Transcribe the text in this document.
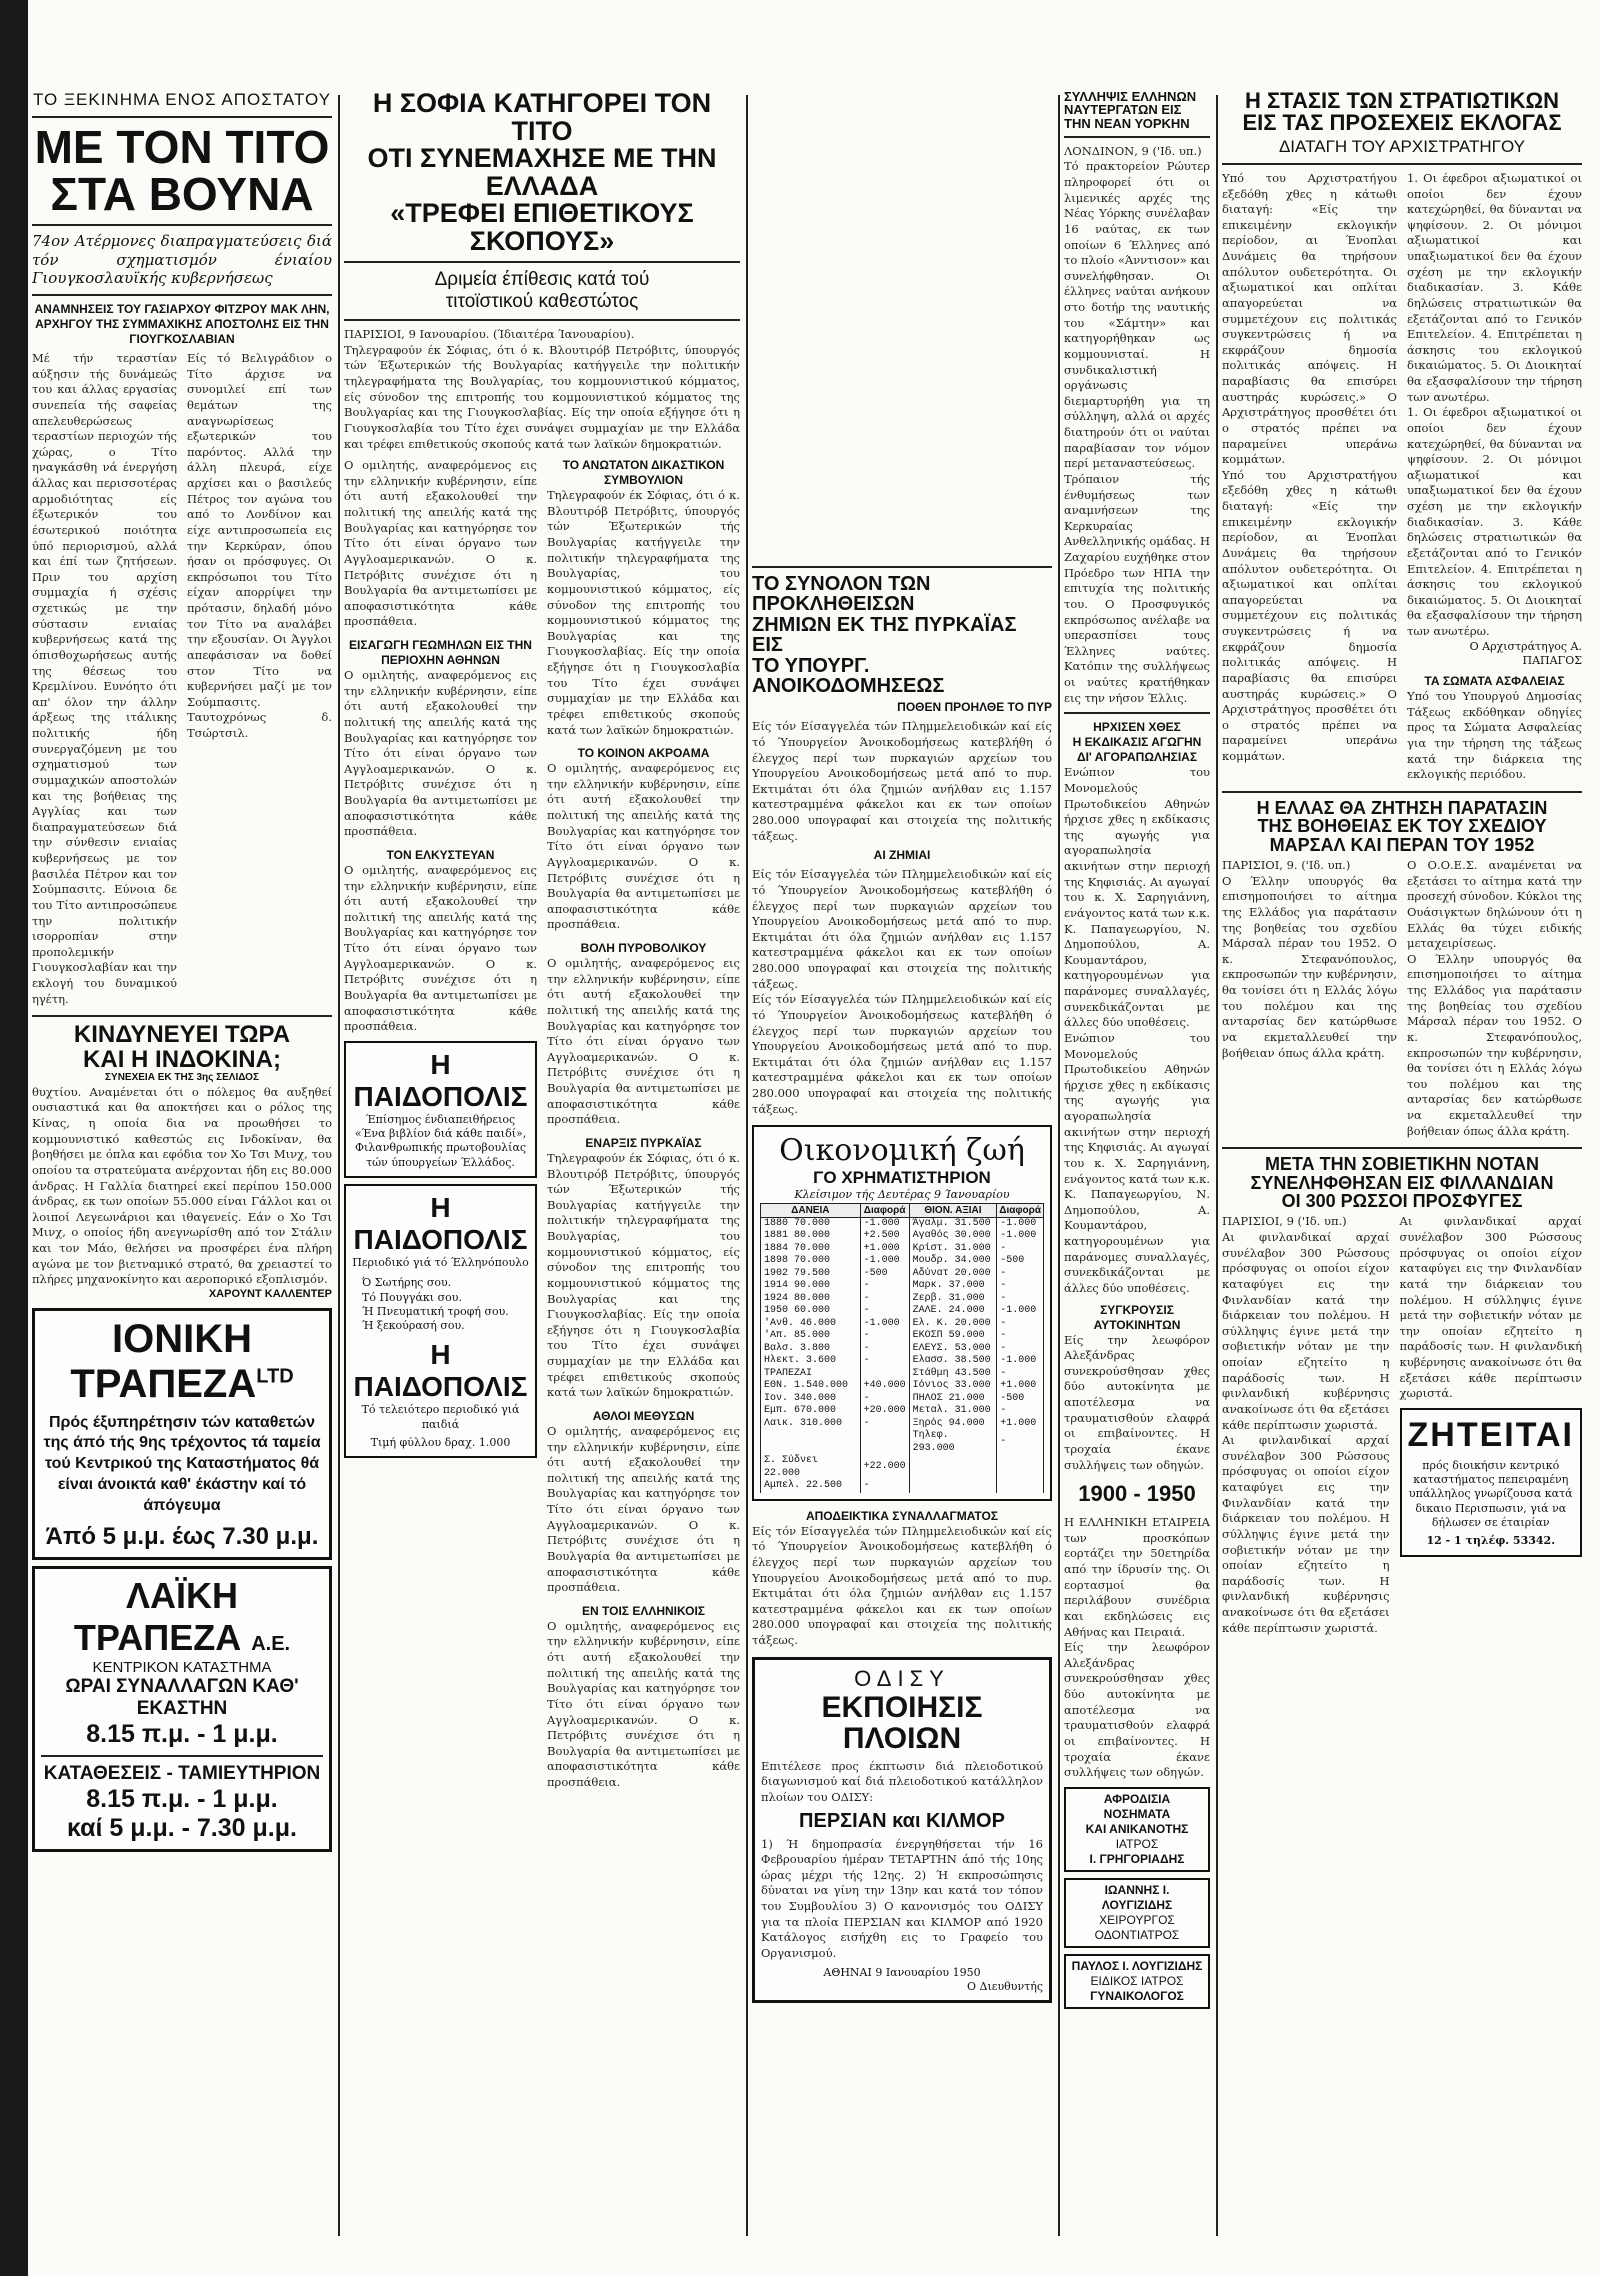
ΤΟ ΞΕΚΙΝΗΜΑ ΕΝΟΣ ΑΠΟΣΤΑΤΟΥ
ΜΕ ΤΟΝ ΤΙΤΟ
ΣΤΑ ΒΟΥΝΑ
74ον Ατέρμονες διαπραγματεύσεις διά τόν σχηματισμόν ένιαίου Γιουγκοσλαυϊκής κυβερνήσεως
ΑΝΑΜΝΗΣΕΙΣ ΤΟΥ ΓΑΣΙΑΡΧΟΥ ΦΙΤΖΡΟΥ ΜΑΚ ΛΗΝ, ΑΡΧΗΓΟΥ ΤΗΣ ΣΥΜΜΑΧΙΚΗΣ ΑΠΟΣΤΟΛΗΣ ΕΙΣ ΤΗΝ ΓΙΟΥΓΚΟΣΛΑΒΙΑΝ
Μέ τήν τεραστίαν αύξησιν τής δυνάμεώς του και άλλας εργασίας συνεπεία τής σαφείας απελευθερώσεως τεραστίων περιοχών τής χώρας, ο Τίτο ηναγκάσθη νά ένεργήση άλλας και περισσοτέρας αρμοδιότητας είς έξωτερικόν του έσωτερικού ποιότητα ύπό περιορισμού, αλλά και έπί των ζητήσεων. Πριν του αρχίση συμμαχία ή σχέσις σχετικώς με την σύστασιν ενιαίας κυβερνήσεως κατά της όπισθοχωρήσεως αυτής της θέσεως του Κρεμλίνου. Ευνόητο ότι απ' όλον την άλλην άρξεως της ιτάλικης πολιτικής ήδη συνεργαζόμενη με του σχηματισμού των συμμαχικών αποστολών και της βοήθειας της Αγγλίας και των διαπραγματεύσεων διά την σύνθεσιν ενιαίας κυβερνήσεως με τον βασιλέα Πέτρον και τον Σούμπασιτς. Εύνοια δε του Τίτο αντιπροσώπευε την πολιτικήν ισορροπίαν στην προπολεμικήν Γιουγκοσλαβίαν και την εκλογή του δυναμικού ηγέτη.
Είς τό Βελιγράδιον ο Τίτο άρχισε να συνομιλεί επί των θεμάτων της αναγνωρίσεως εξωτερικών του παρόντος. Αλλά την άλλη πλευρά, είχε αρχίσει και ο βασιλεύς Πέτρος τον αγώνα του από το Λονδίνον και είχε αντιπροσωπεία εις την Κερκύραν, όπου ήσαν οι πρόσφυγες. Οι εκπρόσωποι του Τίτο είχαν απορρίψει την πρότασιν, δηλαδή μόνο τον Τίτο να αναλάβει την εξουσίαν. Οι Άγγλοι απεφάσισαν να δοθεί στον Τίτο να κυβερνήσει μαζί με τον Σούμπασιτς. Ταυτοχρόνως δ. Τσώρτσιλ.
ΚΙΝΔΥΝΕΥΕΙ ΤΩΡΑ
ΚΑΙ Η ΙΝΔΟΚΙΝΑ;
ΣΥΝΕΧΕΙΑ ΕΚ ΤΗΣ 3ης ΣΕΛΙΔΟΣ
θυχτίου. Αναμένεται ότι ο πόλεμος θα αυξηθεί ουσιαστικά και θα αποκτήσει και ο ρόλος της Κίνας, η οποία δια να προωθήσει το κομμουνιστικό καθεστώς εις Ινδοκίναν, θα βοηθήσει με όπλα και εφόδια τον Χο Τσι Μινχ, του οποίου τα στρατεύματα ανέρχονται ήδη εις 80.000 άνδρας. Η Γαλλία διατηρεί εκεί περίπου 150.000 άνδρας, εκ των οποίων 55.000 είναι Γάλλοι και οι λοιποί Λεγεωνάριοι και ιθαγενείς. Εάν ο Χο Τσι Μινχ, ο οποίος ήδη ανεγνωρίσθη από τον Στάλιν και τον Μάο, θελήσει να προσφέρει ένα πλήρη αγώνα με τον βιετναμικό στρατό, θα χρειαστεί το πλήρες μηχανοκίνητο και αεροπορικό εξοπλισμόν.
ΧΑΡΟΥΝΤ ΚΑΛΛΕΝΤΕΡ
ΙΟΝΙΚΗ $TPA\Pi EZA^{LTD}$
Πρός έξυπηρέτησιν τών καταθετών της άπό τής 9ης τρέχοντος τά ταμεία τού Κεντρικού της Καταστήματος θά είναι άνοικτά καθ' έκάστην καί τό άπόγευμα
Άπό 5 μ.μ. έως 7.30 μ.μ.
ΛΑΪΚΗ ΤΡΑΠΕΖΑ Α.Ε.
ΚΕΝΤΡΙΚΟΝ ΚΑΤΑΣΤΗΜΑ
ΩΡΑΙ ΣΥΝΑΛΛΑΓΩΝ ΚΑΘ' ΕΚΑΣΤΗΝ
8.15 π.μ. - 1 μ.μ.
ΚΑΤΑΘΕΣΕΙΣ - ΤΑΜΙΕΥΤΗΡΙΟΝ
8.15 π.μ. - 1 μ.μ.
καί 5 μ.μ. - 7.30 μ.μ.
Η ΣΟΦΙΑ ΚΑΤΗΓΟΡΕΙ ΤΟΝ ΤΙΤΟ
ΟΤΙ ΣΥΝΕΜΑΧΗΣΕ ΜΕ ΤΗΝ ΕΛΛΑΔΑ
«ΤΡΕΦΕΙ ΕΠΙΘΕΤΙΚΟΥΣ ΣΚΟΠΟΥΣ»
Δριμεία έπίθεσις κατά τού
τιτοϊστικού καθεστώτος
ΠΑΡΙΣΙΟΙ, 9 Ιανουαρίου. (Ίδιαιτέρα Ίανουαρίου).
Τηλεγραφούν έκ Σόφιας, ότι ό κ. Βλουτιρόβ Πετρόβιτς, ύπουργός τών Έξωτερικών τής Βουλγαρίας κατήγγειλε την πολιτικήν τηλεγραφήματα της Βουλγαρίας, του κομμουνιστικού κόμματος, είς σύνοδον της επιτροπής του κομμουνιστικού κόμματος της Βουλγαρίας και της Γιουγκοσλαβίας. Είς την οποία εξήγησε ότι η Γιουγκοσλαβία του Τίτο έχει συνάψει συμμαχίαν με την Ελλάδα και τρέφει επιθετικούς σκοπούς κατά των λαϊκών δημοκρατιών.
Ο ομιλητής, αναφερόμενος εις την ελληνικήν κυβέρνησιν, είπε ότι αυτή εξακολουθεί την πολιτική της απειλής κατά της Βουλγαρίας και κατηγόρησε τον Τίτο ότι είναι όργανο των Αγγλοαμερικανών. Ο κ. Πετρόβιτς συνέχισε ότι η Βουλγαρία θα αντιμετωπίσει με αποφασιστικότητα κάθε προσπάθεια.
ΕΙΣΑΓΩΓΗ ΓΕΩΜΗΛΩΝ ΕΙΣ ΤΗΝ ΠΕΡΙΟΧΗΝ ΑΘΗΝΩΝ
Ο ομιλητής, αναφερόμενος εις την ελληνικήν κυβέρνησιν, είπε ότι αυτή εξακολουθεί την πολιτική της απειλής κατά της Βουλγαρίας και κατηγόρησε τον Τίτο ότι είναι όργανο των Αγγλοαμερικανών. Ο κ. Πετρόβιτς συνέχισε ότι η Βουλγαρία θα αντιμετωπίσει με αποφασιστικότητα κάθε προσπάθεια.
ΤΟΝ ΕΛΚΥΣΤΕΥΑΝ
Ο ομιλητής, αναφερόμενος εις την ελληνικήν κυβέρνησιν, είπε ότι αυτή εξακολουθεί την πολιτική της απειλής κατά της Βουλγαρίας και κατηγόρησε τον Τίτο ότι είναι όργανο των Αγγλοαμερικανών. Ο κ. Πετρόβιτς συνέχισε ότι η Βουλγαρία θα αντιμετωπίσει με αποφασιστικότητα κάθε προσπάθεια.
Η ΠΑΙΔΟΠΟΛΙΣ
Έπίσημος ένδιαπειθήρειος «Ένα βιβλίον διά κάθε παιδί», Φιλανθρωπικής πρωτοβουλίας τών ύπουργείων Έλλάδος.
Η ΠΑΙΔΟΠΟΛΙΣ
Περιοδικό γιά τό Έλληνόπουλο
Ό Σωτήρης σου.
Τό Πουγγάκι σου.
Ή Πνευματική τροφή σου.
Ή ξεκούρασή σου.
Η ΠΑΙΔΟΠΟΛΙΣ
Τό τελειότερο περιοδικό γιά παιδιά
Τιμή φύλλου δραχ. 1.000
ΤΟ ΑΝΩΤΑΤΟΝ ΔΙΚΑΣΤΙΚΟΝ ΣΥΜΒΟΥΛΙΟΝ
Τηλεγραφούν έκ Σόφιας, ότι ό κ. Βλουτιρόβ Πετρόβιτς, ύπουργός τών Έξωτερικών τής Βουλγαρίας κατήγγειλε την πολιτικήν τηλεγραφήματα της Βουλγαρίας, του κομμουνιστικού κόμματος, είς σύνοδον της επιτροπής του κομμουνιστικού κόμματος της Βουλγαρίας και της Γιουγκοσλαβίας. Είς την οποία εξήγησε ότι η Γιουγκοσλαβία του Τίτο έχει συνάψει συμμαχίαν με την Ελλάδα και τρέφει επιθετικούς σκοπούς κατά των λαϊκών δημοκρατιών.
ΤΟ ΚΟΙΝΟΝ ΑΚΡΟΑΜΑ
Ο ομιλητής, αναφερόμενος εις την ελληνικήν κυβέρνησιν, είπε ότι αυτή εξακολουθεί την πολιτική της απειλής κατά της Βουλγαρίας και κατηγόρησε τον Τίτο ότι είναι όργανο των Αγγλοαμερικανών. Ο κ. Πετρόβιτς συνέχισε ότι η Βουλγαρία θα αντιμετωπίσει με αποφασιστικότητα κάθε προσπάθεια.
ΒΟΛΗ ΠΥΡΟΒΟΛΙΚΟΥ
Ο ομιλητής, αναφερόμενος εις την ελληνικήν κυβέρνησιν, είπε ότι αυτή εξακολουθεί την πολιτική της απειλής κατά της Βουλγαρίας και κατηγόρησε τον Τίτο ότι είναι όργανο των Αγγλοαμερικανών. Ο κ. Πετρόβιτς συνέχισε ότι η Βουλγαρία θα αντιμετωπίσει με αποφασιστικότητα κάθε προσπάθεια.
ΕΝΑΡΞΙΣ ΠΥΡΚΑΪΑΣ
Τηλεγραφούν έκ Σόφιας, ότι ό κ. Βλουτιρόβ Πετρόβιτς, ύπουργός τών Έξωτερικών τής Βουλγαρίας κατήγγειλε την πολιτικήν τηλεγραφήματα της Βουλγαρίας, του κομμουνιστικού κόμματος, είς σύνοδον της επιτροπής του κομμουνιστικού κόμματος της Βουλγαρίας και της Γιουγκοσλαβίας. Είς την οποία εξήγησε ότι η Γιουγκοσλαβία του Τίτο έχει συνάψει συμμαχίαν με την Ελλάδα και τρέφει επιθετικούς σκοπούς κατά των λαϊκών δημοκρατιών.
ΑΘΛΟΙ ΜΕΘΥΣΩΝ
Ο ομιλητής, αναφερόμενος εις την ελληνικήν κυβέρνησιν, είπε ότι αυτή εξακολουθεί την πολιτική της απειλής κατά της Βουλγαρίας και κατηγόρησε τον Τίτο ότι είναι όργανο των Αγγλοαμερικανών. Ο κ. Πετρόβιτς συνέχισε ότι η Βουλγαρία θα αντιμετωπίσει με αποφασιστικότητα κάθε προσπάθεια.
ΕΝ ΤΟΙΣ ΕΛΛΗΝΙΚΟΙΣ
Ο ομιλητής, αναφερόμενος εις την ελληνικήν κυβέρνησιν, είπε ότι αυτή εξακολουθεί την πολιτική της απειλής κατά της Βουλγαρίας και κατηγόρησε τον Τίτο ότι είναι όργανο των Αγγλοαμερικανών. Ο κ. Πετρόβιτς συνέχισε ότι η Βουλγαρία θα αντιμετωπίσει με αποφασιστικότητα κάθε προσπάθεια.
ΤΟ ΣΥΝΟΛΟΝ ΤΩΝ ΠΡΟΚΛΗΘΕΙΣΩΝ
ΖΗΜΙΩΝ ΕΚ ΤΗΣ ΠΥΡΚΑΪΑΣ ΕΙΣ
ΤΟ ΥΠΟΥΡΓ. ΑΝΟΙΚΟΔΟΜΗΣΕΩΣ
ΠΟΘΕΝ ΠΡΟΗΛΘΕ ΤΟ ΠΥΡ
Είς τόν Είσαγγελέα τών Πλημμελειοδικών καί είς τό Ύπουργείον Άνοικοδομήσεως κατεβλήθη ό έλεγχος περί των πυρκαγιών αρχείων του Υπουργείου Ανοικοδομήσεως μετά από το πυρ. Εκτιμάται ότι όλα ζημιών ανήλθαν εις 1.157 κατεστραμμένα φάκελοι και εκ των οποίων 280.000 υπογραφαί και στοιχεία της πολιτικής τάξεως.
ΑΙ ΖΗΜΙΑΙ
Είς τόν Είσαγγελέα τών Πλημμελειοδικών καί είς τό Ύπουργείον Άνοικοδομήσεως κατεβλήθη ό έλεγχος περί των πυρκαγιών αρχείων του Υπουργείου Ανοικοδομήσεως μετά από το πυρ. Εκτιμάται ότι όλα ζημιών ανήλθαν εις 1.157 κατεστραμμένα φάκελοι και εκ των οποίων 280.000 υπογραφαί και στοιχεία της πολιτικής τάξεως.
Είς τόν Είσαγγελέα τών Πλημμελειοδικών καί είς τό Ύπουργείον Άνοικοδομήσεως κατεβλήθη ό έλεγχος περί των πυρκαγιών αρχείων του Υπουργείου Ανοικοδομήσεως μετά από το πυρ. Εκτιμάται ότι όλα ζημιών ανήλθαν εις 1.157 κατεστραμμένα φάκελοι και εκ των οποίων 280.000 υπογραφαί και στοιχεία της πολιτικής τάξεως.
Οικονομική ζωή
ΓΟ ΧΡΗΜΑΤΙΣΤΗΡΙΟΝ
Κλείσιμον τής Δευτέρας 9 Ίανουαρίου
ΔΑΝΕΙΑ	Διαφορά	ΘΙΟΝ. ΑΞΙΑΙ	Διαφορά
1880 70.000	-1.000	Άγαλμ. 31.500	-1.000
1881 80.000	+2.500	Αγαθός 30.000	-1.000
1884 70.000	+1.000	Κρίστ. 31.000	-
1898 70.000	-1.000	Μουδρ. 34.000	-500
1902 79.500	-500	Αδύνατ 20.000	-
1914 90.000	-	Μαρκ. 37.000	-
1924 80.000	-	Ζερβ. 31.000	-
1950 60.000	-	ΖΑΛΕ. 24.000	-1.000
'Ανθ. 46.000	-1.000	Ελ. Κ. 20.000	-
'Απ. 85.000	-	ΕΚΟΣΠ 59.000	-
Βαλσ. 3.800	-	ΕΛΕΥΣ. 53.000	-
Ηλεκτ. 3.600	-	Ελασσ. 38.500	-1.000
ΤΡΑΠΕΖΑΙ		Στάθμη 43.500	-
ΕΘΝ. 1.540.000	+40.000	Ιόνιος 33.000	+1.000
Ιον. 340.000	-	ΠΗΛΟΣ 21.000	-500
Εμπ. 670.000	+20.000	Μεταλ. 31.000	-
Λαικ. 310.000	-	Ξηρός 94.000	+1.000
		Τηλεφ. 293.000	-
Σ. Σύδνει 22.000	+22.000		
Αμπελ. 22.500	-		
ΑΠΟΔΕΙΚΤΙΚΑ ΣΥΝΑΛΛΑΓΜΑΤΟΣ
Είς τόν Είσαγγελέα τών Πλημμελειοδικών καί είς τό Ύπουργείον Άνοικοδομήσεως κατεβλήθη ό έλεγχος περί των πυρκαγιών αρχείων του Υπουργείου Ανοικοδομήσεως μετά από το πυρ. Εκτιμάται ότι όλα ζημιών ανήλθαν εις 1.157 κατεστραμμένα φάκελοι και εκ των οποίων 280.000 υπογραφαί και στοιχεία της πολιτικής τάξεως.
ΟΔΙΣΥ
ΕΚΠΟΙΗΣΙΣ ΠΛΟΙΩΝ
Επιτέλεσε προς έκπτωσιν διά πλειοδοτικού διαγωνισμού καί διά πλειοδοτικού κατάλληλον πλοίων του ΟΔΙΣΥ:
ΠΕΡΣΙΑΝ και ΚΙΛΜΟΡ
1) Ή δημοπρασία ένεργηθήσεται τήν 16 Φεβρουαρίου ήμέραν ΤΕΤΑΡΤΗΝ άπό τής 10ης ώρας μέχρι τής 12ης. 2) Ή εκπροσώπησις δύναται να γίνη την 13ην και κατά τον τόπον του Συμβουλίου 3) Ο κανονισμός του ΟΔΙΣΥ για τα πλοία ΠΕΡΣΙΑΝ και ΚΙΛΜΟΡ από 1920 Κατάλογος εισήχθη εις το Γραφείο του Οργανισμού.
ΑΘΗΝΑΙ 9 Ιανουαρίου 1950
Ο Διευθυντής
ΣΥΛΛΗΨΙΣ ΕΛΛΗΝΩΝ
ΝΑΥΤΕΡΓΑΤΩΝ ΕΙΣ
ΤΗΝ ΝΕΑΝ ΥΟΡΚΗΝ
ΛΟΝΔΙΝΟΝ, 9 ('Ιδ. υπ.)
Τό πρακτορείον Ρώυτερ πληροφορεί ότι οι λιμενικές αρχές της Νέας Υόρκης συνέλαβαν 16 ναύτας, εκ των οποίων 6 Έλληνες από το πλοίο «Άνντισον» και συνελήφθησαν. Οι έλληνες ναύται ανήκουν στο δοτήρ της ναυτικής του «Σάμτην» και κατηγορήθηκαν ως κομμουνισταί. Η συνδικαλιστική οργάνωσις διεμαρτυρήθη για τη σύλληψη, αλλά οι αρχές διατηρούν ότι οι ναύται παραβίασαν τον νόμον περί μεταναστεύσεως.
Τρόπαιον τής ένθυμήσεως των αναμνήσεων της Κερκυραίας Ανθελληνικής ομάδας. Η Ζαχαρίου ευχήθηκε στον Πρόεδρο των ΗΠΑ την επιτυχία της πολιτικής του. Ο Προσφυγικός εκπρόσωπος ανέλαβε να υπερασπίσει τους Έλληνες ναύτες. Κατόπιν της συλλήψεως οι ναύτες κρατήθηκαν εις την νήσον Έλλις.
ΗΡΧΙΣΕΝ ΧΘΕΣ
Η ΕΚΔΙΚΑΣΙΣ ΑΓΩΓΗΝ
ΔΙ' ΑΓΟΡΑΠΩΛΗΣΙΑΣ
Ενώπιον του Μονομελούς Πρωτοδικείου Αθηνών ήρχισε χθες η εκδίκασις της αγωγής για αγοραπωλησία ακινήτων στην περιοχή της Κηφισιάς. Αι αγωγαί του κ. Χ. Σαρηγιάννη, ενάγοντος κατά των κ.κ. Κ. Παπαγεωργίου, Ν. Δημοπούλου, Α. Κουμαντάρου, κατηγορουμένων για παράνομες συναλλαγές, συνεκδικάζονται με άλλες δύο υποθέσεις.
Ενώπιον του Μονομελούς Πρωτοδικείου Αθηνών ήρχισε χθες η εκδίκασις της αγωγής για αγοραπωλησία ακινήτων στην περιοχή της Κηφισιάς. Αι αγωγαί του κ. Χ. Σαρηγιάννη, ενάγοντος κατά των κ.κ. Κ. Παπαγεωργίου, Ν. Δημοπούλου, Α. Κουμαντάρου, κατηγορουμένων για παράνομες συναλλαγές, συνεκδικάζονται με άλλες δύο υποθέσεις.
ΣΥΓΚΡΟΥΣΙΣ ΑΥΤΟΚΙΝΗΤΩΝ
Είς την λεωφόρον Αλεξάνδρας συνεκρούσθησαν χθες δύο αυτοκίνητα με αποτέλεσμα να τραυματισθούν ελαφρά οι επιβαίνοντες. Η τροχαία έκανε συλλήψεις των οδηγών.
1900 - 1950
Η ΕΛΛΗΝΙΚΗ ΕΤΑΙΡΕΙΑ των προσκόπων εορτάζει την 50ετηρίδα από την ίδρυσίν της. Οι εορτασμοί θα περιλάβουν συνέδρια και εκδηλώσεις εις Αθήνας και Πειραιά.
Είς την λεωφόρον Αλεξάνδρας συνεκρούσθησαν χθες δύο αυτοκίνητα με αποτέλεσμα να τραυματισθούν ελαφρά οι επιβαίνοντες. Η τροχαία έκανε συλλήψεις των οδηγών.
ΑΦΡΟΔΙΣΙΑ ΝΟΣΗΜΑΤΑ
ΚΑΙ ΑΝΙΚΑΝΟΤΗΣ
ΙΑΤΡΟΣ
Ι. ΓΡΗΓΟΡΙΑΔΗΣ
ΙΩΑΝΝΗΣ Ι. ΛΟΥΓΙΖΙΔΗΣ
ΧΕΙΡΟΥΡΓΟΣ ΟΔΟΝΤΙΑΤΡΟΣ
ΠΑΥΛΟΣ Ι. ΛΟΥΓΙΖΙΔΗΣ
ΕΙΔΙΚΟΣ ΙΑΤΡΟΣ
ΓΥΝΑΙΚΟΛΟΓΟΣ
Η ΣΤΑΣΙΣ ΤΩΝ ΣΤΡΑΤΙΩΤΙΚΩΝ
ΕΙΣ ΤΑΣ ΠΡΟΣΕΧΕΙΣ ΕΚΛΟΓΑΣ
ΔΙΑΤΑΓΗ ΤΟΥ ΑΡΧΙΣΤΡΑΤΗΓΟΥ
Υπό του Αρχιστρατήγου εξεδόθη χθες η κάτωθι διαταγή: «Είς την επικειμένην εκλογικήν περίοδον, αι Ένοπλαι Δυνάμεις θα τηρήσουν απόλυτον ουδετερότητα. Οι αξιωματικοί και οπλίται απαγορεύεται να συμμετέχουν εις πολιτικάς συγκεντρώσεις ή να εκφράζουν δημοσία πολιτικάς απόψεις. Η παραβίασις θα επισύρει αυστηράς κυρώσεις.» Ο Αρχιστράτηγος προσθέτει ότι ο στρατός πρέπει να παραμείνει υπεράνω κομμάτων.
Υπό του Αρχιστρατήγου εξεδόθη χθες η κάτωθι διαταγή: «Είς την επικειμένην εκλογικήν περίοδον, αι Ένοπλαι Δυνάμεις θα τηρήσουν απόλυτον ουδετερότητα. Οι αξιωματικοί και οπλίται απαγορεύεται να συμμετέχουν εις πολιτικάς συγκεντρώσεις ή να εκφράζουν δημοσία πολιτικάς απόψεις. Η παραβίασις θα επισύρει αυστηράς κυρώσεις.» Ο Αρχιστράτηγος προσθέτει ότι ο στρατός πρέπει να παραμείνει υπεράνω κομμάτων.
1. Οι έφεδροι αξιωματικοί οι οποίοι δεν έχουν κατεχώρηθεί, θα δύνανται να ψηφίσουν. 2. Οι μόνιμοι αξιωματικοί και υπαξιωματικοί δεν θα έχουν σχέση με την εκλογικήν διαδικασίαν. 3. Κάθε δηλώσεις στρατιωτικών θα εξετάζονται από το Γενικόν Επιτελείον. 4. Επιτρέπεται η άσκησις του εκλογικού δικαιώματος. 5. Οι Διοικηταί θα εξασφαλίσουν την τήρηση των ανωτέρω.
1. Οι έφεδροι αξιωματικοί οι οποίοι δεν έχουν κατεχώρηθεί, θα δύνανται να ψηφίσουν. 2. Οι μόνιμοι αξιωματικοί και υπαξιωματικοί δεν θα έχουν σχέση με την εκλογικήν διαδικασίαν. 3. Κάθε δηλώσεις στρατιωτικών θα εξετάζονται από το Γενικόν Επιτελείον. 4. Επιτρέπεται η άσκησις του εκλογικού δικαιώματος. 5. Οι Διοικηταί θα εξασφαλίσουν την τήρηση των ανωτέρω.
Ο Αρχιστράτηγος Α. ΠΑΠΑΓΟΣ
ΤΑ ΣΩΜΑΤΑ ΑΣΦΑΛΕΙΑΣ
Υπό του Υπουργού Δημοσίας Τάξεως εκδόθηκαν οδηγίες προς τα Σώματα Ασφαλείας για την τήρηση της τάξεως κατά την διάρκεια της εκλογικής περιόδου.
Η ΕΛΛΑΣ ΘΑ ΖΗΤΗΣΗ ΠΑΡΑΤΑΣΙΝ
ΤΗΣ ΒΟΗΘΕΙΑΣ ΕΚ ΤΟΥ ΣΧΕΔΙΟΥ
ΜΑΡΣΑΛ ΚΑΙ ΠΕΡΑΝ ΤΟΥ 1952
ΠΑΡΙΣΙΟΙ, 9. ('Ιδ. υπ.)
Ο Έλλην υπουργός θα επισημοποιήσει το αίτημα της Ελλάδος για παράτασιν της βοηθείας του σχεδίου Μάρσαλ πέραν του 1952. Ο κ. Στεφανόπουλος, εκπροσωπών την κυβέρνησιν, θα τονίσει ότι η Ελλάς λόγω του πολέμου και της ανταρσίας δεν κατώρθωσε να εκμεταλλευθεί την βοήθειαν όπως άλλα κράτη.
Ο Ο.Ο.Ε.Σ. αναμένεται να εξετάσει το αίτημα κατά την προσεχή σύνοδον. Κύκλοι της Ουάσιγκτων δηλώνουν ότι η Ελλάς θα τύχει ειδικής μεταχειρίσεως.
Ο Έλλην υπουργός θα επισημοποιήσει το αίτημα της Ελλάδος για παράτασιν της βοηθείας του σχεδίου Μάρσαλ πέραν του 1952. Ο κ. Στεφανόπουλος, εκπροσωπών την κυβέρνησιν, θα τονίσει ότι η Ελλάς λόγω του πολέμου και της ανταρσίας δεν κατώρθωσε να εκμεταλλευθεί την βοήθειαν όπως άλλα κράτη.
ΜΕΤΑ ΤΗΝ ΣΟΒΙΕΤΙΚΗΝ ΝΟΤΑΝ
ΣΥΝΕΛΗΦΘΗΣΑΝ ΕΙΣ ΦΙΛΛΑΝΔΙΑΝ
ΟΙ 300 ΡΩΣΣΟΙ ΠΡΟΣΦΥΓΕΣ
ΠΑΡΙΣΙΟΙ, 9 ('Ιδ. υπ.)
Αι φινλανδικαί αρχαί συνέλαβον 300 Ρώσσους πρόσφυγας οι οποίοι είχον καταφύγει εις την Φινλανδίαν κατά την διάρκειαν του πολέμου. Η σύλληψις έγινε μετά την σοβιετικήν νόταν με την οποίαν εζητείτο η παράδοσίς των. Η φινλανδική κυβέρνησις ανακοίνωσε ότι θα εξετάσει κάθε περίπτωσιν χωριστά.
Αι φινλανδικαί αρχαί συνέλαβον 300 Ρώσσους πρόσφυγας οι οποίοι είχον καταφύγει εις την Φινλανδίαν κατά την διάρκειαν του πολέμου. Η σύλληψις έγινε μετά την σοβιετικήν νόταν με την οποίαν εζητείτο η παράδοσίς των. Η φινλανδική κυβέρνησις ανακοίνωσε ότι θα εξετάσει κάθε περίπτωσιν χωριστά.
Αι φινλανδικαί αρχαί συνέλαβον 300 Ρώσσους πρόσφυγας οι οποίοι είχον καταφύγει εις την Φινλανδίαν κατά την διάρκειαν του πολέμου. Η σύλληψις έγινε μετά την σοβιετικήν νόταν με την οποίαν εζητείτο η παράδοσίς των. Η φινλανδική κυβέρνησις ανακοίνωσε ότι θα εξετάσει κάθε περίπτωσιν χωριστά.
ΖΗΤΕΙΤΑΙ
πρός διοικήσιν κεντρικό καταστήματος πεπειραμένη υπάλληλος γνωρίζουσα κατά δικαιο Περισπωσιν, γιά να δήλωσεν σε έταιρίαν
12 - 1 τηλέφ. 53342.
